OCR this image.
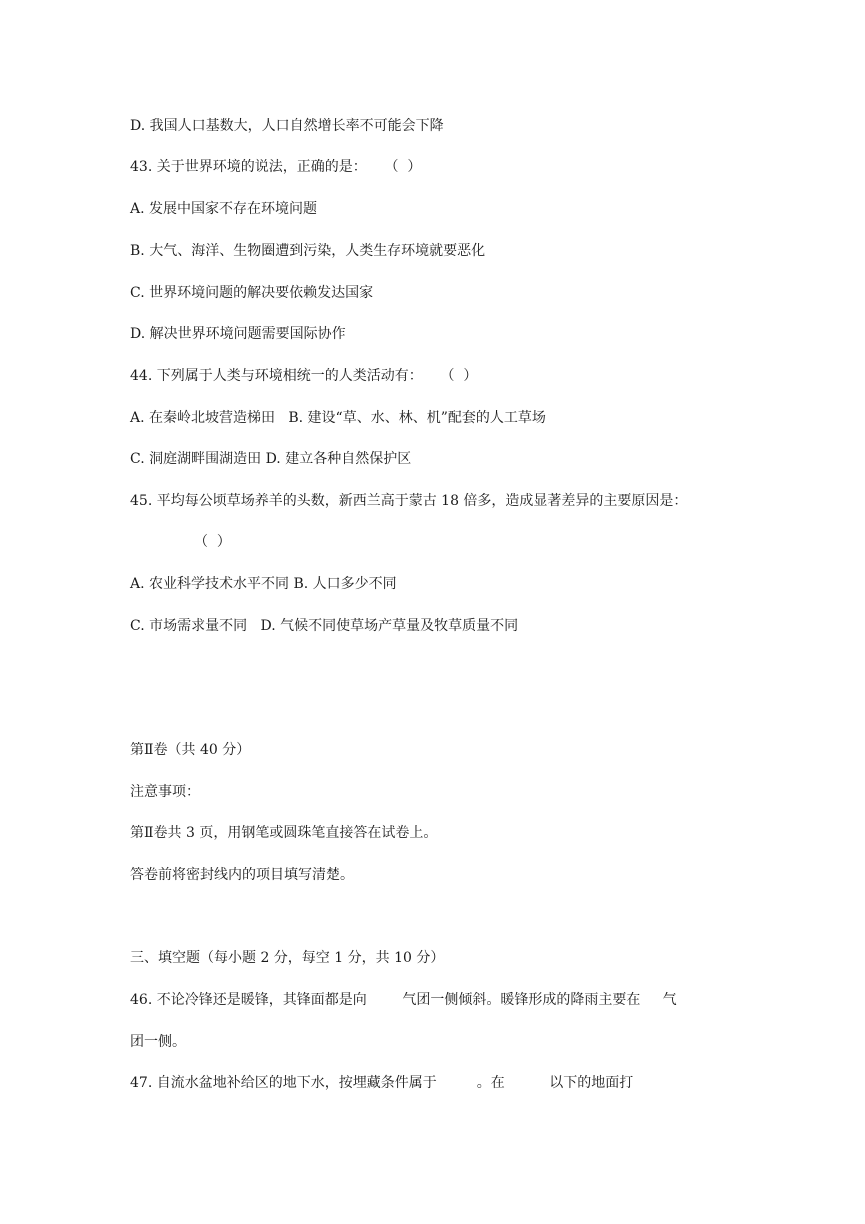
D. 我国人口基数大，人口自然增长率不可能会下降
43. 关于世界环境的说法，正确的是：    （  ）
A. 发展中国家不存在环境问题
B. 大气、海洋、生物圈遭到污染，人类生存环境就要恶化
C. 世界环境问题的解决要依赖发达国家
D. 解决世界环境问题需要国际协作
44. 下列属于人类与环境相统一的人类活动有：    （  ）
A. 在秦岭北坡营造梯田   B. 建设“草、水、林、机”配套的人工草场
C. 洞庭湖畔围湖造田 D. 建立各种自然保护区
45. 平均每公顷草场养羊的头数，新西兰高于蒙古 18 倍多，造成显著差异的主要原因是：
（  ）
A. 农业科学技术水平不同 B. 人口多少不同
C. 市场需求量不同   D. 气候不同使草场产草量及牧草质量不同
第Ⅱ卷（共 40 分）
注意事项：
第Ⅱ卷共 3 页，用钢笔或圆珠笔直接答在试卷上。
答卷前将密封线内的项目填写清楚。
三、填空题（每小题 2 分，每空 1 分，共 10 分）
46. 不论冷锋还是暖锋，其锋面都是向        气团一侧倾斜。暖锋形成的降雨主要在     气
团一侧。
47. 自流水盆地补给区的地下水，按埋藏条件属于         。在          以下的地面打
